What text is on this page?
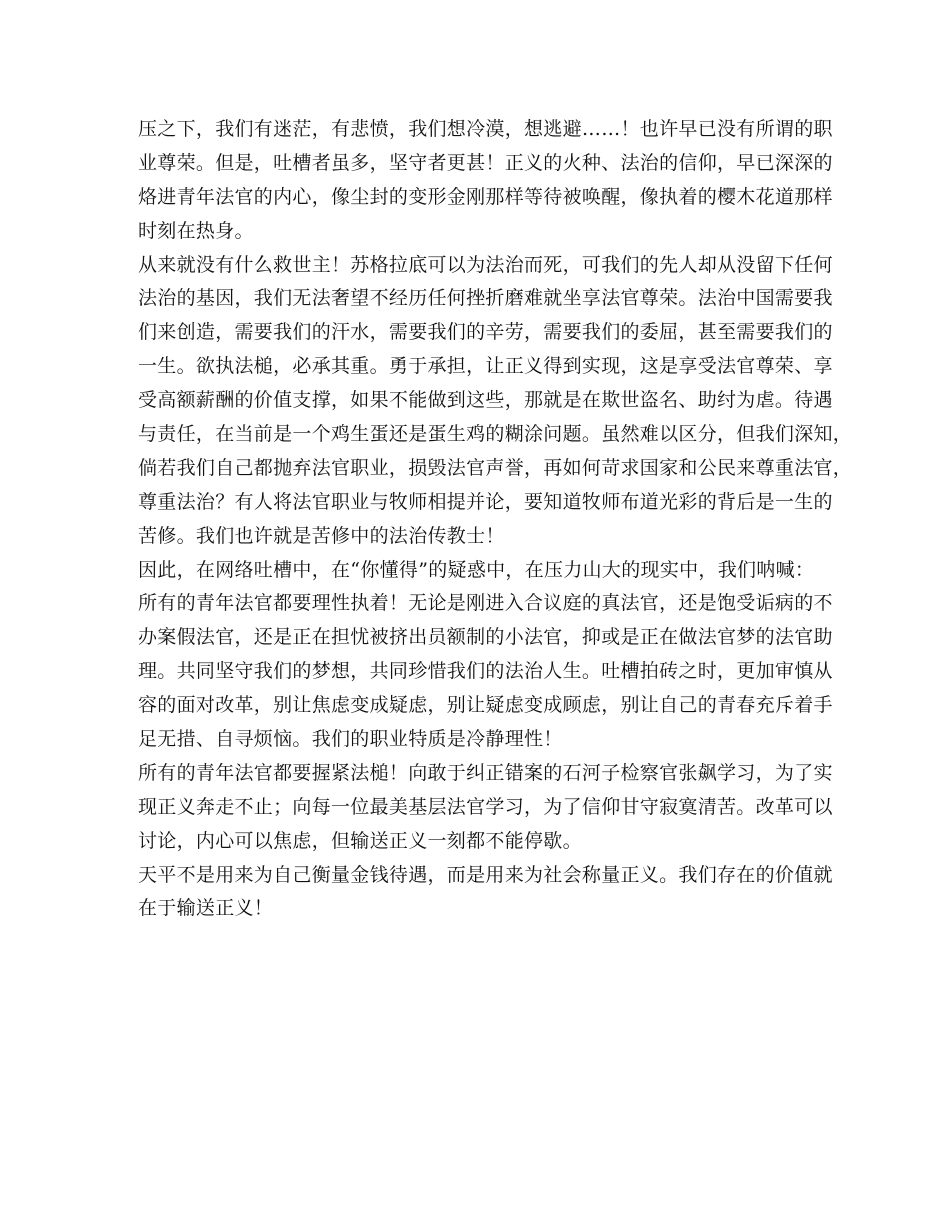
压之下，我们有迷茫，有悲愤，我们想冷漠，想逃避……！也许早已没有所谓的职
业尊荣。但是，吐槽者虽多，坚守者更甚！正义的火种、法治的信仰，早已深深的
烙进青年法官的内心，像尘封的变形金刚那样等待被唤醒，像执着的樱木花道那样
时刻在热身。
从来就没有什么救世主！苏格拉底可以为法治而死，可我们的先人却从没留下任何
法治的基因，我们无法奢望不经历任何挫折磨难就坐享法官尊荣。法治中国需要我
们来创造，需要我们的汗水，需要我们的辛劳，需要我们的委屈，甚至需要我们的
一生。欲执法槌，必承其重。勇于承担，让正义得到实现，这是享受法官尊荣、享
受高额薪酬的价值支撑，如果不能做到这些，那就是在欺世盗名、助纣为虐。待遇
与责任，在当前是一个鸡生蛋还是蛋生鸡的糊涂问题。虽然难以区分，但我们深知，
倘若我们自己都抛弃法官职业，损毁法官声誉，再如何苛求国家和公民来尊重法官，
尊重法治？有人将法官职业与牧师相提并论，要知道牧师布道光彩的背后是一生的
苦修。我们也许就是苦修中的法治传教士！
因此，在网络吐槽中，在“你懂得”的疑惑中，在压力山大的现实中，我们呐喊：
所有的青年法官都要理性执着！无论是刚进入合议庭的真法官，还是饱受诟病的不
办案假法官，还是正在担忧被挤出员额制的小法官，抑或是正在做法官梦的法官助
理。共同坚守我们的梦想，共同珍惜我们的法治人生。吐槽拍砖之时，更加审慎从
容的面对改革，别让焦虑变成疑虑，别让疑虑变成顾虑，别让自己的青春充斥着手
足无措、自寻烦恼。我们的职业特质是冷静理性！
所有的青年法官都要握紧法槌！向敢于纠正错案的石河子检察官张飙学习，为了实
现正义奔走不止；向每一位最美基层法官学习，为了信仰甘守寂寞清苦。改革可以
讨论，内心可以焦虑，但输送正义一刻都不能停歇。
天平不是用来为自己衡量金钱待遇，而是用来为社会称量正义。我们存在的价值就
在于输送正义！
